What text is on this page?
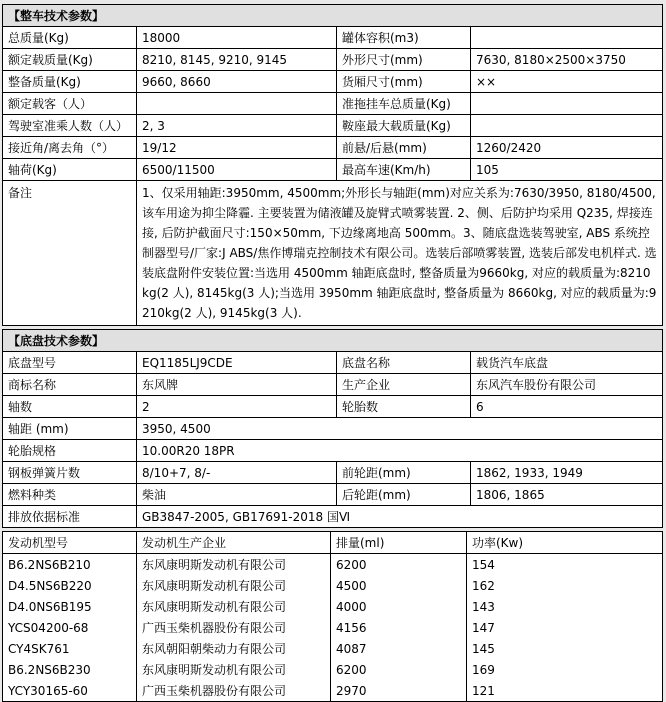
【整车技术参数】			
总质量(Kg)	18000	罐体容积(m3)	
额定载质量(Kg)	8210, 8145, 9210, 9145	外形尺寸(mm)	7630, 8180×2500×3750
整备质量(Kg)	9660, 8660	货厢尺寸(mm)	××
额定载客（人）		准拖挂车总质量(Kg)	
驾驶室准乘人数（人）	2, 3	鞍座最大载质量(Kg)	
接近角/离去角（°）	19/12	前悬/后悬(mm)	1260/2420
轴荷(Kg)	6500/11500	最高车速(Km/h)	105
备注	1、仅采用轴距:3950mm, 4500mm;外形长与轴距(mm)对应关系为:7630/3950, 8180/4500, 该车用途为抑尘降霾. 主要装置为储液罐及旋臂式喷雾装置. 2、侧、后防护均采用 Q235, 焊接连接, 后防护截面尺寸:150×50mm, 下边缘离地高 500mm。3、随底盘选装驾驶室, ABS 系统控制器型号/厂家:J ABS/焦作博瑞克控制技术有限公司。选装后部喷雾装置, 选装后部发电机样式. 选装底盘附件安装位置:当选用 4500mm 轴距底盘时, 整备质量为9660kg, 对应的载质量为:8210kg(2 人), 8145kg(3 人);当选用 3950mm 轴距底盘时, 整备质量为 8660kg, 对应的载质量为:9210kg(2 人), 9145kg(3 人).		
【底盘技术参数】			
底盘型号	EQ1185LJ9CDE	底盘名称	载货汽车底盘
商标名称	东风牌	生产企业	东风汽车股份有限公司
轴数	2	轮胎数	6
轴距 (mm)	3950, 4500		
轮胎规格	10.00R20 18PR		
钢板弹簧片数	8/10+7, 8/-	前轮距(mm)	1862, 1933, 1949
燃料种类	柴油	后轮距(mm)	1806, 1865
排放依据标准	GB3847-2005, GB17691-2018 国Ⅵ		
发动机型号	发动机生产企业	排量(ml)	功率(Kw)
B6.2NS6B210	东风康明斯发动机有限公司	6200	154
D4.5NS6B220	东风康明斯发动机有限公司	4500	162
D4.0NS6B195	东风康明斯发动机有限公司	4000	143
YCS04200-68	广西玉柴机器股份有限公司	4156	147
CY4SK761	东风朝阳朝柴动力有限公司	4087	145
B6.2NS6B230	东风康明斯发动机有限公司	6200	169
YCY30165-60	广西玉柴机器股份有限公司	2970	121
